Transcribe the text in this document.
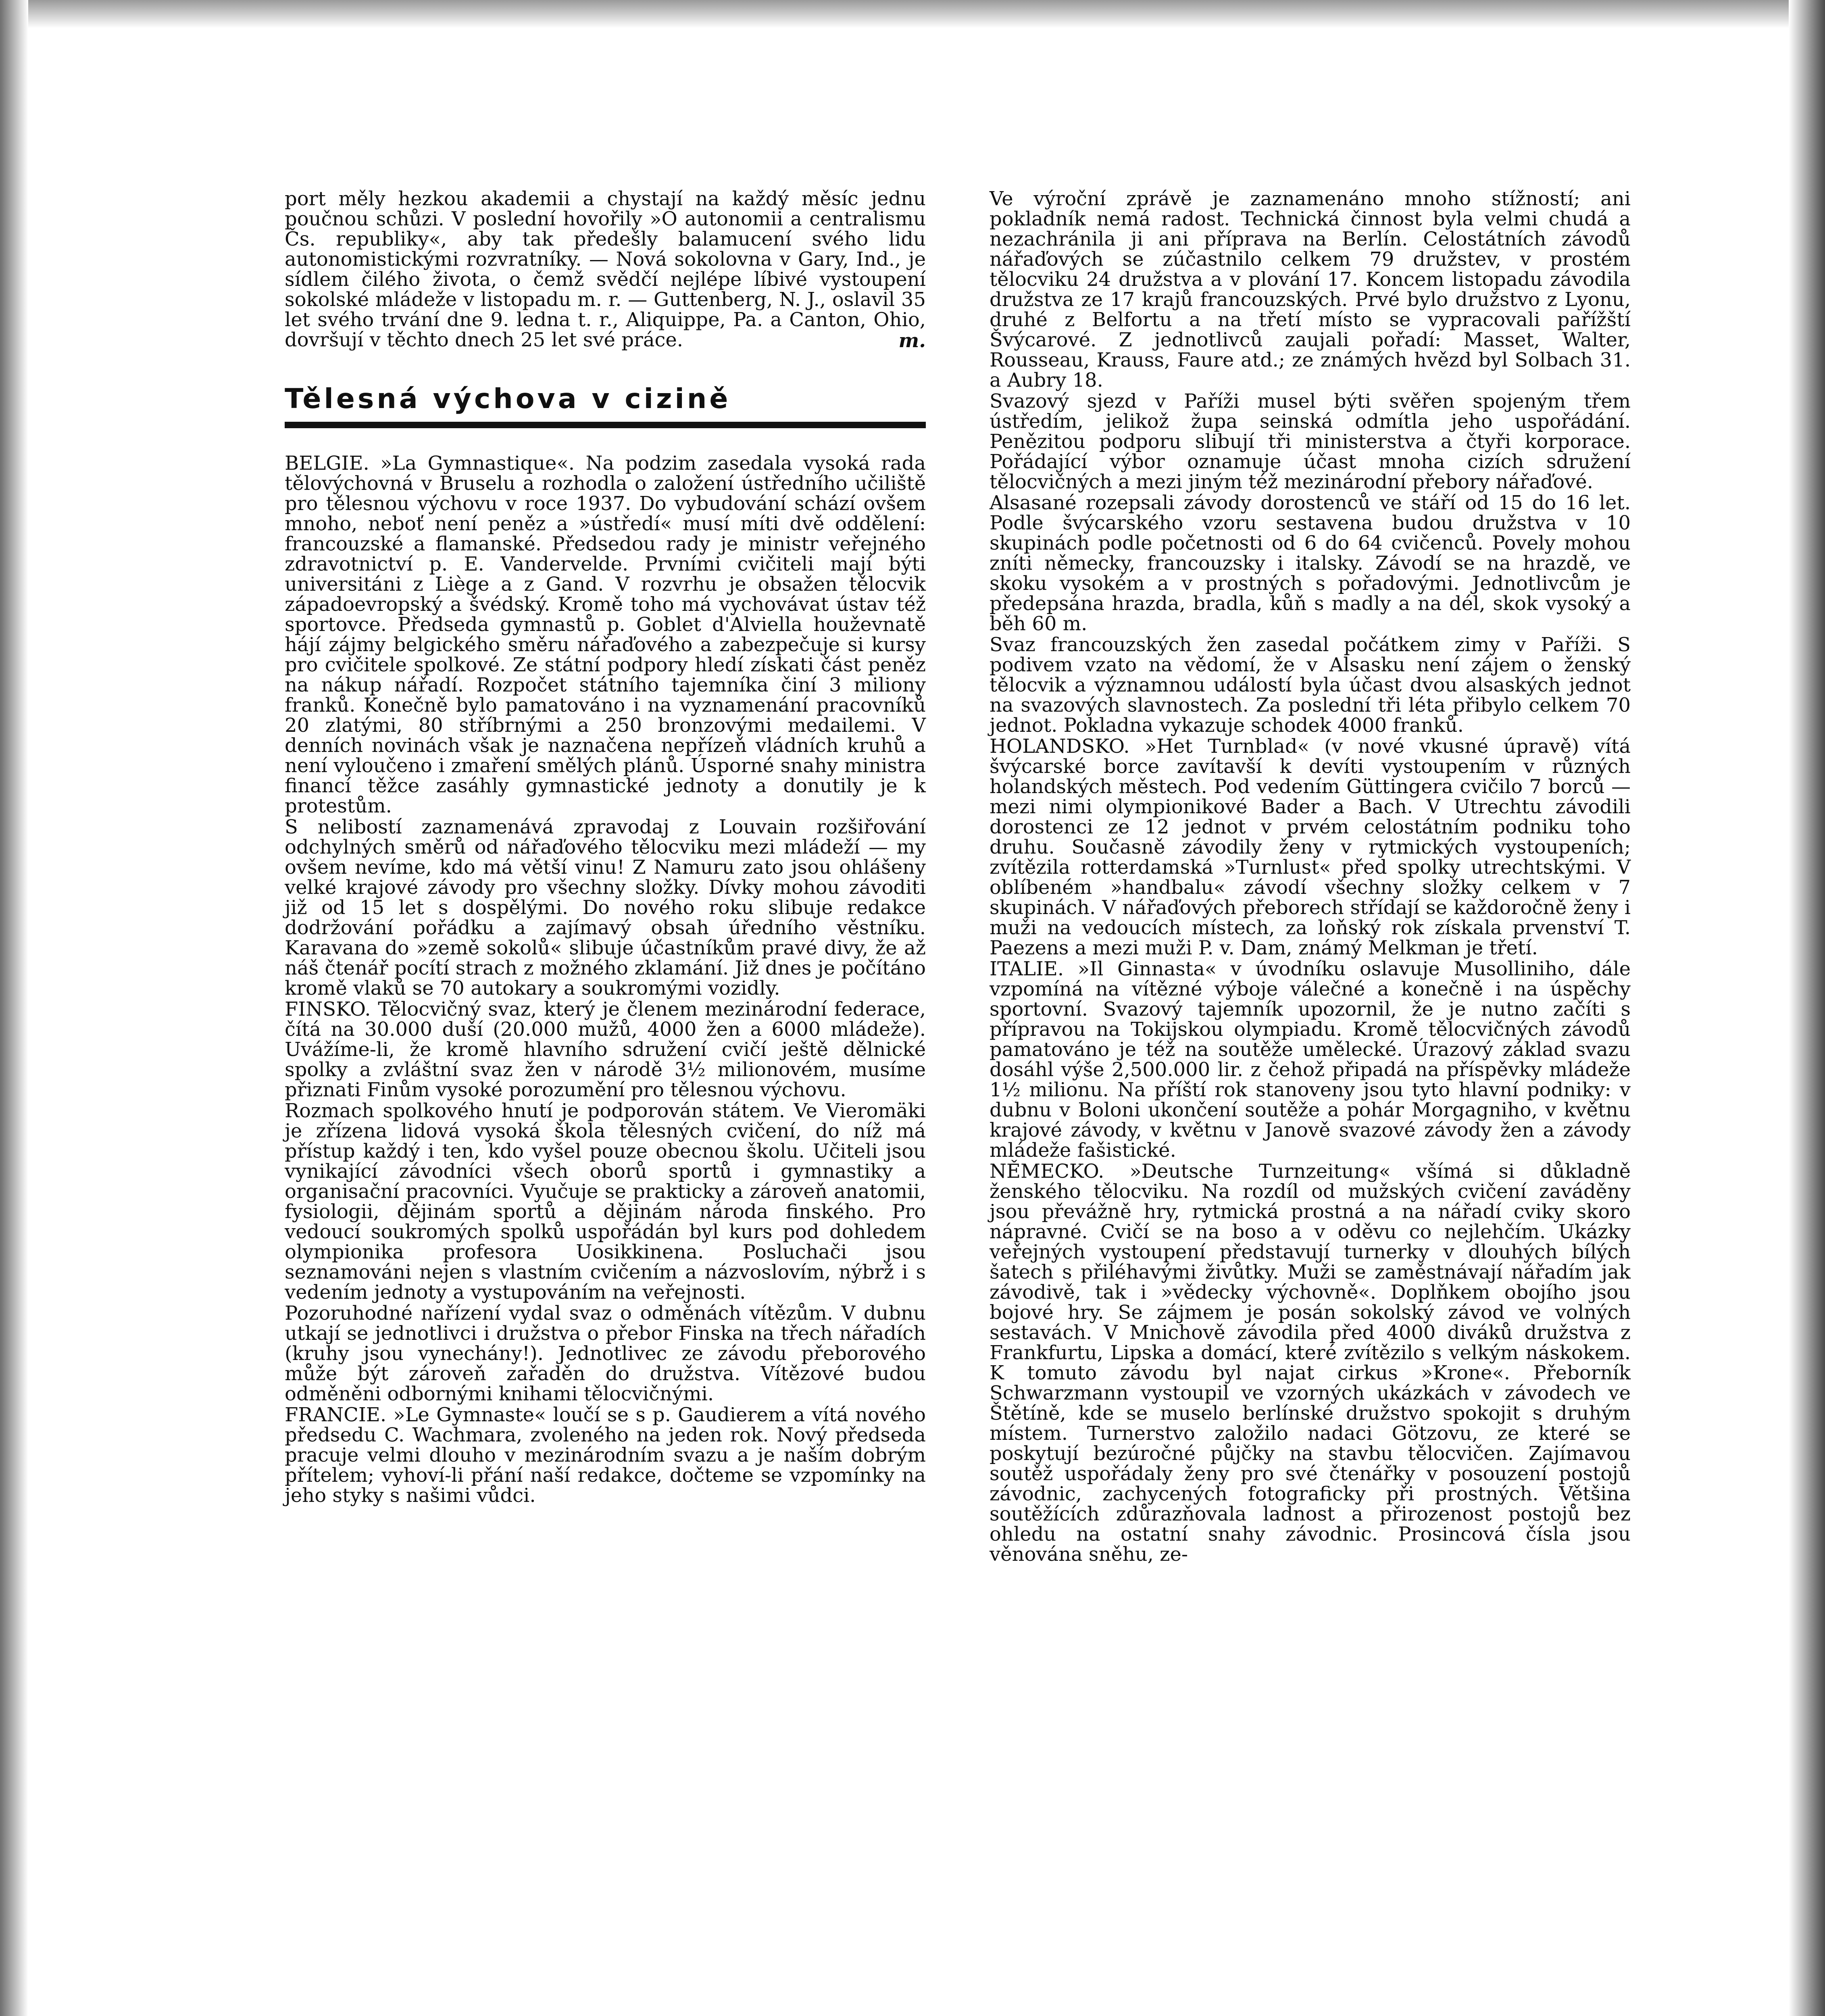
port měly hezkou akademii a chystají na každý měsíc jednu poučnou schůzi. V poslední hovořily »O autonomii a centralismu Čs. republiky«, aby tak předešly balamucení svého lidu autonomistickými rozvratníky. — Nová sokolovna v Gary, Ind., je sídlem čilého života, o čemž svědčí nejlépe líbivé vystoupení sokolské mládeže v listopadu m. r. — Guttenberg, N. J., oslavil 35 let svého trvání dne 9. ledna t. r., Aliquippe, Pa. a Canton, Ohio, dovršují v těchto dnech 25 let své práce.	m.
Tělesná výchova v cizině

BELGIE. »La Gymnastique«. Na podzim zasedala vysoká rada tělovýchovná v Bruselu a rozhodla o založení ústředního učiliště pro tělesnou výchovu v roce 1937. Do vybudování schází ovšem mnoho, neboť není peněz a »ústředí« musí míti dvě oddělení: francouzské a flamanské. Předsedou rady je ministr veřejného zdravotnictví p. E. Vandervelde. Prvními cvičiteli mají býti universitáni z Liège a z Gand. V rozvrhu je obsažen tělocvik západoevropský a švédský. Kromě toho má vychovávat ústav též sportovce. Předseda gymnastů p. Goblet d'Alviella houževnatě hájí zájmy belgického směru nářaďového a zabezpečuje si kursy pro cvičitele spolkové. Ze státní podpory hledí získati část peněz na nákup nářadí. Rozpočet státního tajemníka činí 3 miliony franků. Konečně bylo pamatováno i na vyznamenání pracovníků 20 zlatými, 80 stříbrnými a 250 bronzovými medailemi. V denních novinách však je naznačena nepřízeň vládních kruhů a není vyloučeno i zmaření smělých plánů. Úsporné snahy ministra financí těžce zasáhly gymnastické jednoty a donutily je k protestům.

S nelibostí zaznamenává zpravodaj z Louvain rozšiřování odchylných směrů od nářaďového tělocviku mezi mládeží — my ovšem nevíme, kdo má větší vinu! Z Namuru zato jsou ohlášeny velké krajové závody pro všechny složky. Dívky mohou závoditi již od 15 let s dospělými. Do nového roku slibuje redakce dodržování pořádku a zajímavý obsah úředního věstníku. Karavana do »země sokolů« slibuje účastníkům pravé divy, že až náš čtenář pocítí strach z možného zklamání. Již dnes je počítáno kromě vlaků se 70 autokary a soukromými vozidly.

FINSKO. Tělocvičný svaz, který je členem mezinárodní federace, čítá na 30.000 duší (20.000 mužů, 4000 žen a 6000 mládeže). Uvážíme-li, že kromě hlavního sdružení cvičí ještě dělnické spolky a zvláštní svaz žen v národě 3½ milionovém, musíme přiznati Finům vysoké porozumění pro tělesnou výchovu.

Rozmach spolkového hnutí je podporován státem. Ve Vieromäki je zřízena lidová vysoká škola tělesných cvičení, do níž má přístup každý i ten, kdo vyšel pouze obecnou školu. Učiteli jsou vynikající závodníci všech oborů sportů i gymnastiky a organisační pracovníci. Vyučuje se prakticky a zároveň anatomii, fysiologii, dějinám sportů a dějinám národa finského. Pro vedoucí soukromých spolků uspořádán byl kurs pod dohledem olympionika profesora Uosikkinena. Posluchači jsou seznamováni nejen s vlastním cvičením a názvoslovím, nýbrž i s vedením jednoty a vystupováním na veřejnosti.

Pozoruhodné nařízení vydal svaz o odměnách vítězům. V dubnu utkají se jednotlivci i družstva o přebor Finska na třech nářadích (kruhy jsou vynechány!). Jednotlivec ze závodu přeborového může být zároveň zařaděn do družstva. Vítězové budou odměněni odbornými knihami tělocvičnými.

FRANCIE. »Le Gymnaste« loučí se s p. Gaudierem a vítá nového předsedu C. Wachmara, zvoleného na jeden rok. Nový předseda pracuje velmi dlouho v mezinárodním svazu a je naším dobrým přítelem; vyhoví-li přání naší redakce, dočteme se vzpomínky na jeho styky s našimi vůdci.

Ve výroční zprávě je zaznamenáno mnoho stížností; ani pokladník nemá radost. Technická činnost byla velmi chudá a nezachránila ji ani příprava na Berlín. Celostátních závodů nářaďových se zúčastnilo celkem 79 družstev, v prostém tělocviku 24 družstva a v plování 17. Koncem listopadu závodila družstva ze 17 krajů francouzských. Prvé bylo družstvo z Lyonu, druhé z Belfortu a na třetí místo se vypracovali pařížští Švýcarové. Z jednotlivců zaujali pořadí: Masset, Walter, Rousseau, Krauss, Faure atd.; ze známých hvězd byl Solbach 31. a Aubry 18.

Svazový sjezd v Paříži musel býti svěřen spojeným třem ústředím, jelikož župa seinská odmítla jeho uspořádání. Penězitou podporu slibují tři ministerstva a čtyři korporace. Pořádající výbor oznamuje účast mnoha cizích sdružení tělocvičných a mezi jiným též mezinárodní přebory nářaďové.

Alsasané rozepsali závody dorostenců ve stáří od 15 do 16 let. Podle švýcarského vzoru sestavena budou družstva v 10 skupinách podle početnosti od 6 do 64 cvičenců. Povely mohou zníti německy, francouzsky i italsky. Závodí se na hrazdě, ve skoku vysokém a v prostných s pořadovými. Jednotlivcům je předepsána hrazda, bradla, kůň s madly a na dél, skok vysoký a běh 60 m.

Svaz francouzských žen zasedal počátkem zimy v Paříži. S podivem vzato na vědomí, že v Alsasku není zájem o ženský tělocvik a významnou událostí byla účast dvou alsaských jednot na svazových slavnostech. Za poslední tři léta přibylo celkem 70 jednot. Pokladna vykazuje schodek 4000 franků.

HOLANDSKO. »Het Turnblad« (v nové vkusné úpravě) vítá švýcarské borce zavítavší k devíti vystoupením v různých holandských městech. Pod vedením Güttingera cvičilo 7 borců — mezi nimi olympionikové Bader a Bach. V Utrechtu závodili dorostenci ze 12 jednot v prvém celostátním podniku toho druhu. Současně závodily ženy v rytmických vystoupeních; zvítězila rotterdamská »Turnlust« před spolky utrechtskými. V oblíbeném »handbalu« závodí všechny složky celkem v 7 skupinách. V nářaďových přeborech střídají se každoročně ženy i muži na vedoucích místech, za loňský rok získala prvenství T. Paezens a mezi muži P. v. Dam, známý Melkman je třetí.

ITALIE. »Il Ginnasta« v úvodníku oslavuje Musolliniho, dále vzpomíná na vítězné výboje válečné a konečně i na úspěchy sportovní. Svazový tajemník upozornil, že je nutno začíti s přípravou na Tokijskou olympiadu. Kromě tělocvičných závodů pamatováno je též na soutěže umělecké. Úrazový základ svazu dosáhl výše 2,500.000 lir. z čehož připadá na příspěvky mládeže 1½ milionu. Na příští rok stanoveny jsou tyto hlavní podniky: v dubnu v Boloni ukončení soutěže a pohár Morgagniho, v květnu krajové závody, v květnu v Janově svazové závody žen a závody mládeže fašistické.

NĚMECKO. »Deutsche Turnzeitung« všímá si důkladně ženského tělocviku. Na rozdíl od mužských cvičení zaváděny jsou převážně hry, rytmická prostná a na nářadí cviky skoro nápravné. Cvičí se na boso a v oděvu co nejlehčím. Ukázky veřejných vystoupení představují turnerky v dlouhých bílých šatech s přiléhavými živůtky. Muži se zaměstnávají nářadím jak závodivě, tak i »vědecky výchovně«. Doplňkem obojího jsou bojové hry. Se zájmem je posán sokolský závod ve volných sestavách. V Mnichově závodila před 4000 diváků družstva z Frankfurtu, Lipska a domácí, které zvítězilo s velkým náskokem. K tomuto závodu byl najat cirkus »Krone«. Přeborník Schwarzmann vystoupil ve vzorných ukázkách v závodech ve Štětíně, kde se muselo berlínské družstvo spokojit s druhým místem. Turnerstvo založilo nadaci Götzovu, ze které se poskytují bezúročné půjčky na stavbu tělocvičen. Zajímavou soutěž uspořádaly ženy pro své čtenářky v posouzení postojů závodnic, zachycených fotograficky při prostných. Většina soutěžících zdůrazňovala ladnost a přirozenost postojů bez ohledu na ostatní snahy závodnic. Prosincová čísla jsou věnována sněhu, ze-
